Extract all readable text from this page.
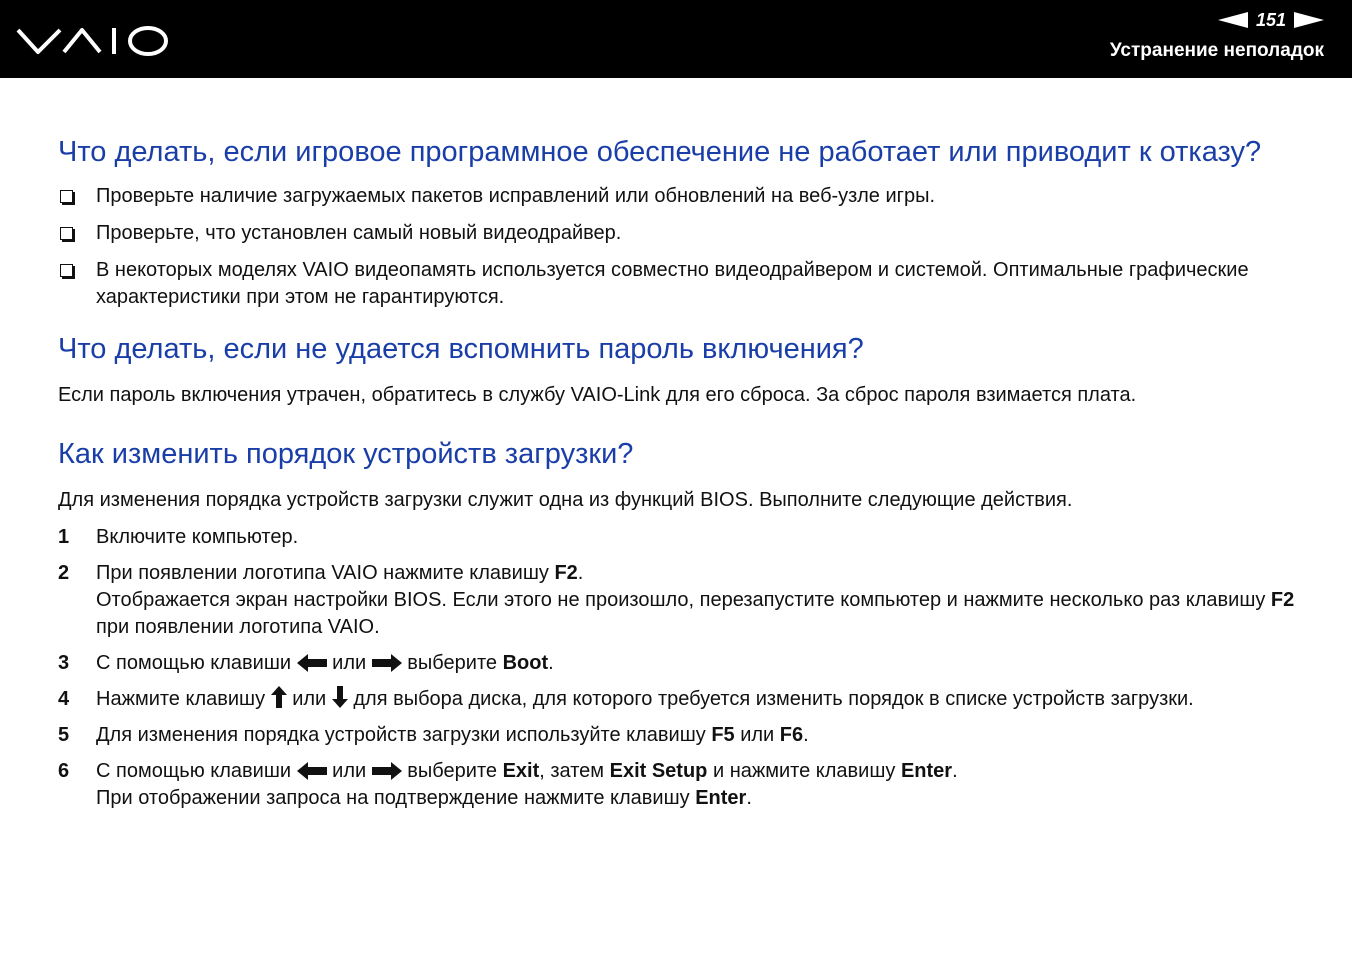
151
Устранение неполадок
Что делать, если игровое программное обеспечение не работает или приводит к отказу?
Проверьте наличие загружаемых пакетов исправлений или обновлений на веб-узле игры.
Проверьте, что установлен самый новый видеодрайвер.
В некоторых моделях VAIO видеопамять используется совместно видеодрайвером и системой. Оптимальные графические характеристики при этом не гарантируются.
Что делать, если не удается вспомнить пароль включения?

Если пароль включения утрачен, обратитесь в службу VAIO-Link для его сброса. За сброс пароля взимается плата.

Как изменить порядок устройств загрузки?

Для изменения порядка устройств загрузки служит одна из функций BIOS. Выполните следующие действия.

1 Включите компьютер.
2 При появлении логотипа VAIO нажмите клавишу F2.
Отображается экран настройки BIOS. Если этого не произошло, перезапустите компьютер и нажмите несколько раз клавишу F2 при появлении логотипа VAIO.
3 С помощью клавиши  или  выберите Boot.
4 Нажмите клавишу  или  для выбора диска, для которого требуется изменить порядок в списке устройств загрузки.
5 Для изменения порядка устройств загрузки используйте клавишу F5 или F6.
6 С помощью клавиши  или  выберите Exit, затем Exit Setup и нажмите клавишу Enter.
При отображении запроса на подтверждение нажмите клавишу Enter.
